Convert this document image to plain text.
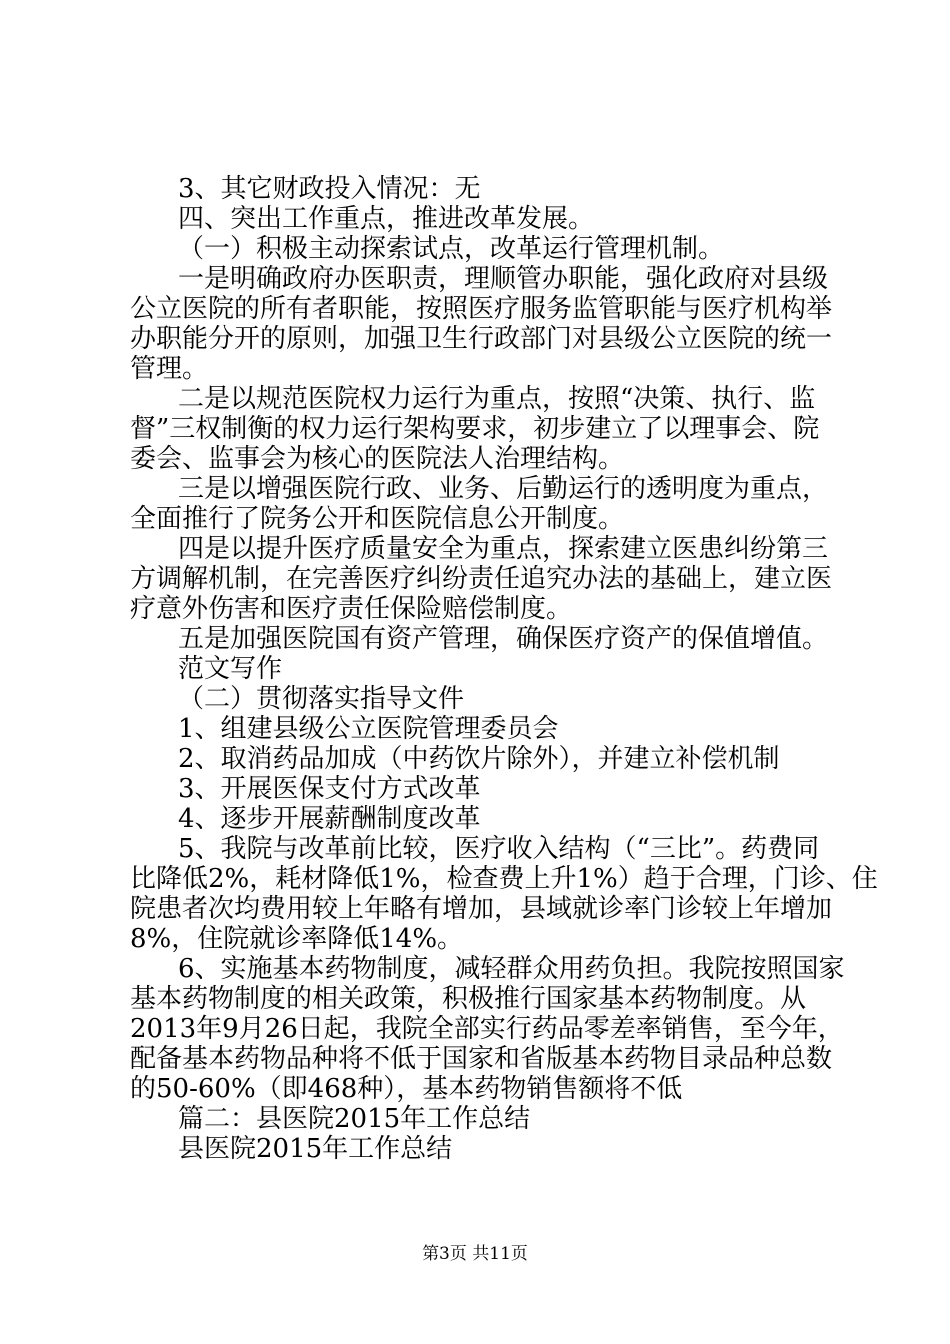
3、其它财政投入情况：无
四、突出工作重点，推进改革发展。
（一）积极主动探索试点，改革运行管理机制。
一是明确政府办医职责，理顺管办职能，强化政府对县级
公立医院的所有者职能，按照医疗服务监管职能与医疗机构举
办职能分开的原则，加强卫生行政部门对县级公立医院的统一
管理。
二是以规范医院权力运行为重点，按照“决策、执行、监
督”三权制衡的权力运行架构要求，初步建立了以理事会、院
委会、监事会为核心的医院法人治理结构。
三是以增强医院行政、业务、后勤运行的透明度为重点，
全面推行了院务公开和医院信息公开制度。
四是以提升医疗质量安全为重点，探索建立医患纠纷第三
方调解机制，在完善医疗纠纷责任追究办法的基础上，建立医
疗意外伤害和医疗责任保险赔偿制度。
五是加强医院国有资产管理，确保医疗资产的保值增值。
范文写作
（二）贯彻落实指导文件
1、组建县级公立医院管理委员会
2、取消药品加成（中药饮片除外），并建立补偿机制
3、开展医保支付方式改革
4、逐步开展薪酬制度改革
5、我院与改革前比较，医疗收入结构（“三比”。药费同
比降低2%，耗材降低1%，检查费上升1%）趋于合理，门诊、住
院患者次均费用较上年略有增加，县域就诊率门诊较上年增加
8%，住院就诊率降低14%。
6、实施基本药物制度，减轻群众用药负担。我院按照国家
基本药物制度的相关政策，积极推行国家基本药物制度。从
2013年9月26日起，我院全部实行药品零差率销售，至今年，
配备基本药物品种将不低于国家和省版基本药物目录品种总数
的50-60%（即468种），基本药物销售额将不低
篇二：县医院2015年工作总结
县医院2015年工作总结
第3页 共11页
